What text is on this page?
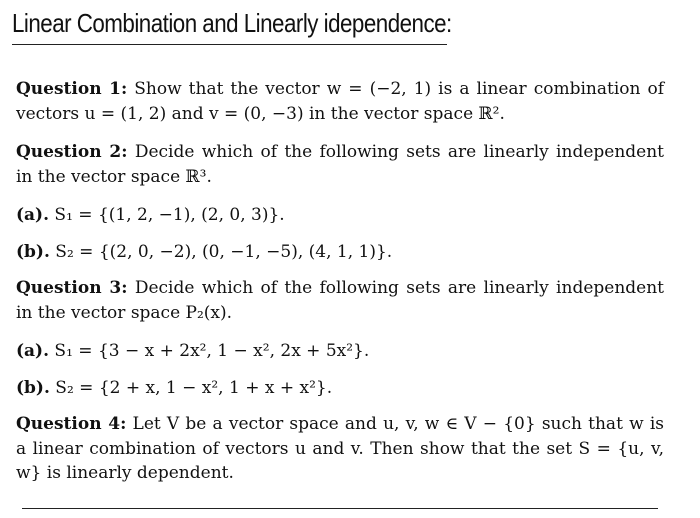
Linear Combination and Linearly idependence:

Question 1: Show that the vector w = (−2, 1) is a linear combination of vectors u = (1, 2) and v = (0, −3) in the vector space ℝ².

Question 2: Decide which of the following sets are linearly independent in the vector space ℝ³.

(a). S₁ = {(1, 2, −1), (2, 0, 3)}.

(b). S₂ = {(2, 0, −2), (0, −1, −5), (4, 1, 1)}.

Question 3: Decide which of the following sets are linearly independent in the vector space P₂(x).

(a). S₁ = {3 − x + 2x², 1 − x², 2x + 5x²}.

(b). S₂ = {2 + x, 1 − x², 1 + x + x²}.

Question 4: Let V be a vector space and u, v, w ∈ V − {0} such that w is a linear combination of vectors u and v. Then show that the set S = {u, v, w} is linearly dependent.
